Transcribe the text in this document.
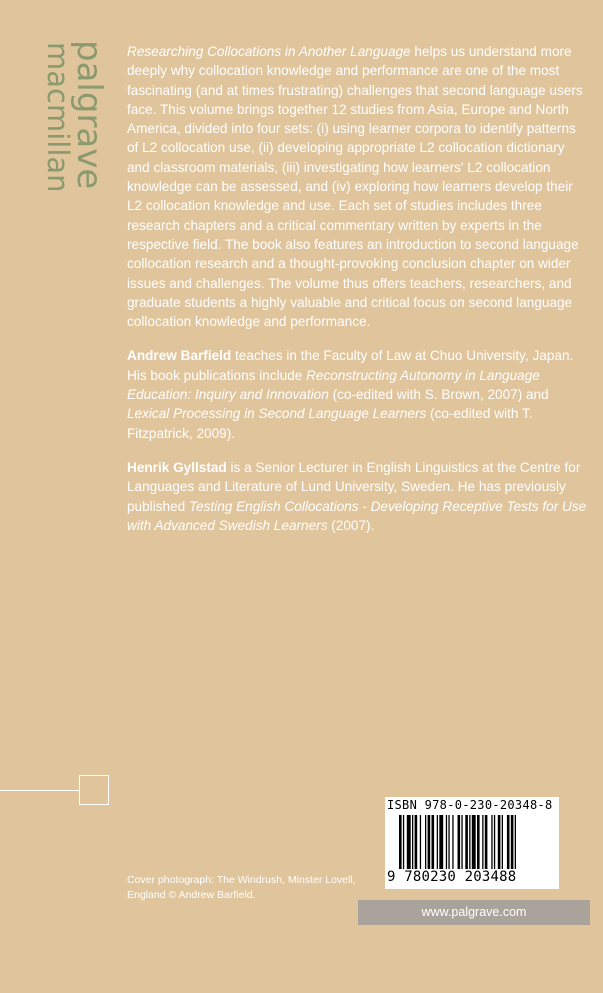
palgrave
macmillan	Researching Collocations in Another Language helps us understand more deeply why collocation knowledge and performance are one of the most fascinating (and at times frustrating) challenges that second language users face. This volume brings together 12 studies from Asia, Europe and North America, divided into four sets: (i) using learner corpora to identify patterns of L2 collocation use, (ii) developing appropriate L2 collocation dictionary and classroom materials, (iii) investigating how learners' L2 collocation knowledge can be assessed, and (iv) exploring how learners develop their L2 collocation knowledge and use. Each set of studies includes three research chapters and a critical commentary written by experts in the respective field. The book also features an introduction to second language collocation research and a thought-provoking conclusion chapter on wider issues and challenges. The volume thus offers teachers, researchers, and graduate students a highly valuable and critical focus on second language collocation knowledge and performance.

Andrew Barfield teaches in the Faculty of Law at Chuo University, Japan. His book publications include Reconstructing Autonomy in Language Education: Inquiry and Innovation (co-edited with S. Brown, 2007) and Lexical Processing in Second Language Learners (co-edited with T. Fitzpatrick, 2009).

Henrik Gyllstad is a Senior Lecturer in English Linguistics at the Centre for Languages and Literature of Lund University, Sweden. He has previously published Testing English Collocations - Developing Receptive Tests for Use with Advanced Swedish Learners (2007).

ISBN 978-0-230-20348-8
9 780230 203488
Cover photograph: The Windrush, Minster Lovell, England © Andrew Barfield.
www.palgrave.com
